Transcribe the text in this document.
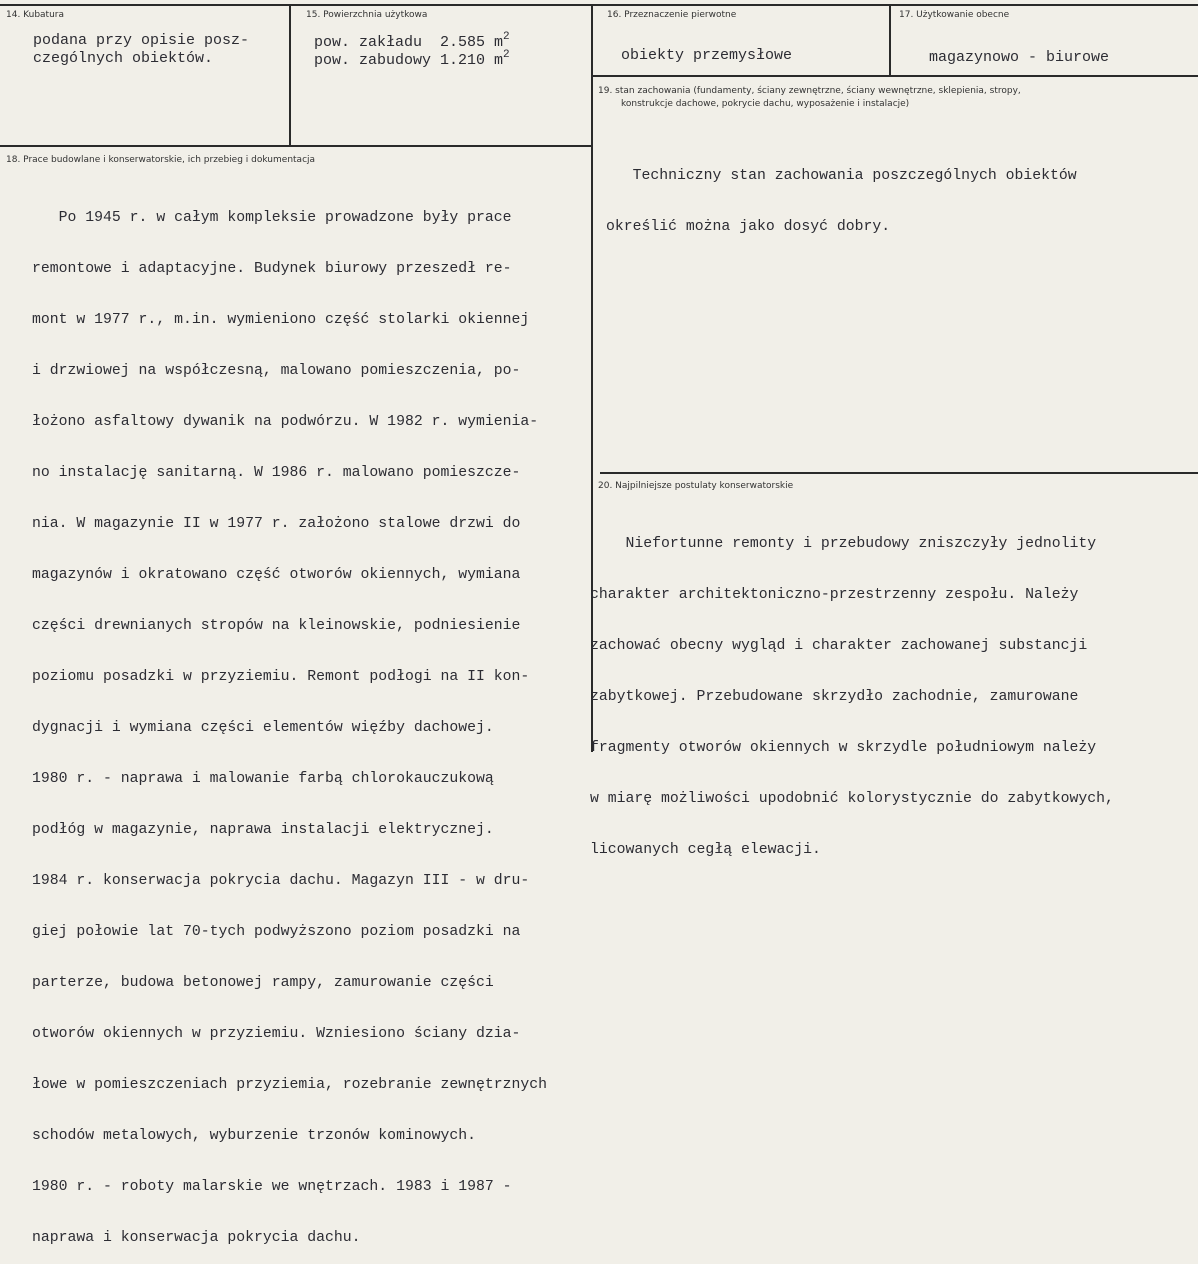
14. Kubatura
podana przy opisie posz-
czególnych obiektów.
15. Powierzchnia użytkowa
pow. zakładu  2.585 $m^2$
pow. zabudowy 1.210 $m^2$
16. Przeznaczenie pierwotne
obiekty przemysłowe
17. Użytkowanie obecne
magazynowo - biurowe
18. Prace budowlane i konserwatorskie, ich przebieg i dokumentacja

Po 1945 r. w całym kompleksie prowadzone były prace

remontowe i adaptacyjne. Budynek biurowy przeszedł re-

mont w 1977 r., m.in. wymieniono część stolarki okiennej

i drzwiowej na współczesną, malowano pomieszczenia, po-

łożono asfaltowy dywanik na podwórzu. W 1982 r. wymienia-

no instalację sanitarną. W 1986 r. malowano pomieszcze-

nia. W magazynie II w 1977 r. założono stalowe drzwi do

magazynów i okratowano część otworów okiennych, wymiana

części drewnianych stropów na kleinowskie, podniesienie

poziomu posadzki w przyziemiu. Remont podłogi na II kon-

dygnacji i wymiana części elementów więźby dachowej.

1980 r. - naprawa i malowanie farbą chlorokauczukową

podłóg w magazynie, naprawa instalacji elektrycznej.

1984 r. konserwacja pokrycia dachu. Magazyn III - w dru-

giej połowie lat 70-tych podwyższono poziom posadzki na

parterze, budowa betonowej rampy, zamurowanie części

otworów okiennych w przyziemiu. Wzniesiono ściany dzia-

łowe w pomieszczeniach przyziemia, rozebranie zewnętrznych

schodów metalowych, wyburzenie trzonów kominowych.

1980 r. - roboty malarskie we wnętrzach. 1983 i 1987 -

naprawa i konserwacja pokrycia dachu.

19. stan zachowania (fundamenty, ściany zewnętrzne, ściany wewnętrzne, sklepienia, stropy,
konstrukcje dachowe, pokrycie dachu, wyposażenie i instalacje)

Techniczny stan zachowania poszczególnych obiektów

określić można jako dosyć dobry.

20. Najpilniejsze postulaty konserwatorskie

Niefortunne remonty i przebudowy zniszczyły jednolity

charakter architektoniczno-przestrzenny zespołu. Należy

zachować obecny wygląd i charakter zachowanej substancji

zabytkowej. Przebudowane skrzydło zachodnie, zamurowane

fragmenty otworów okiennych w skrzydle południowym należy

w miarę możliwości upodobnić kolorystycznie do zabytkowych,

licowanych cegłą elewacji.
